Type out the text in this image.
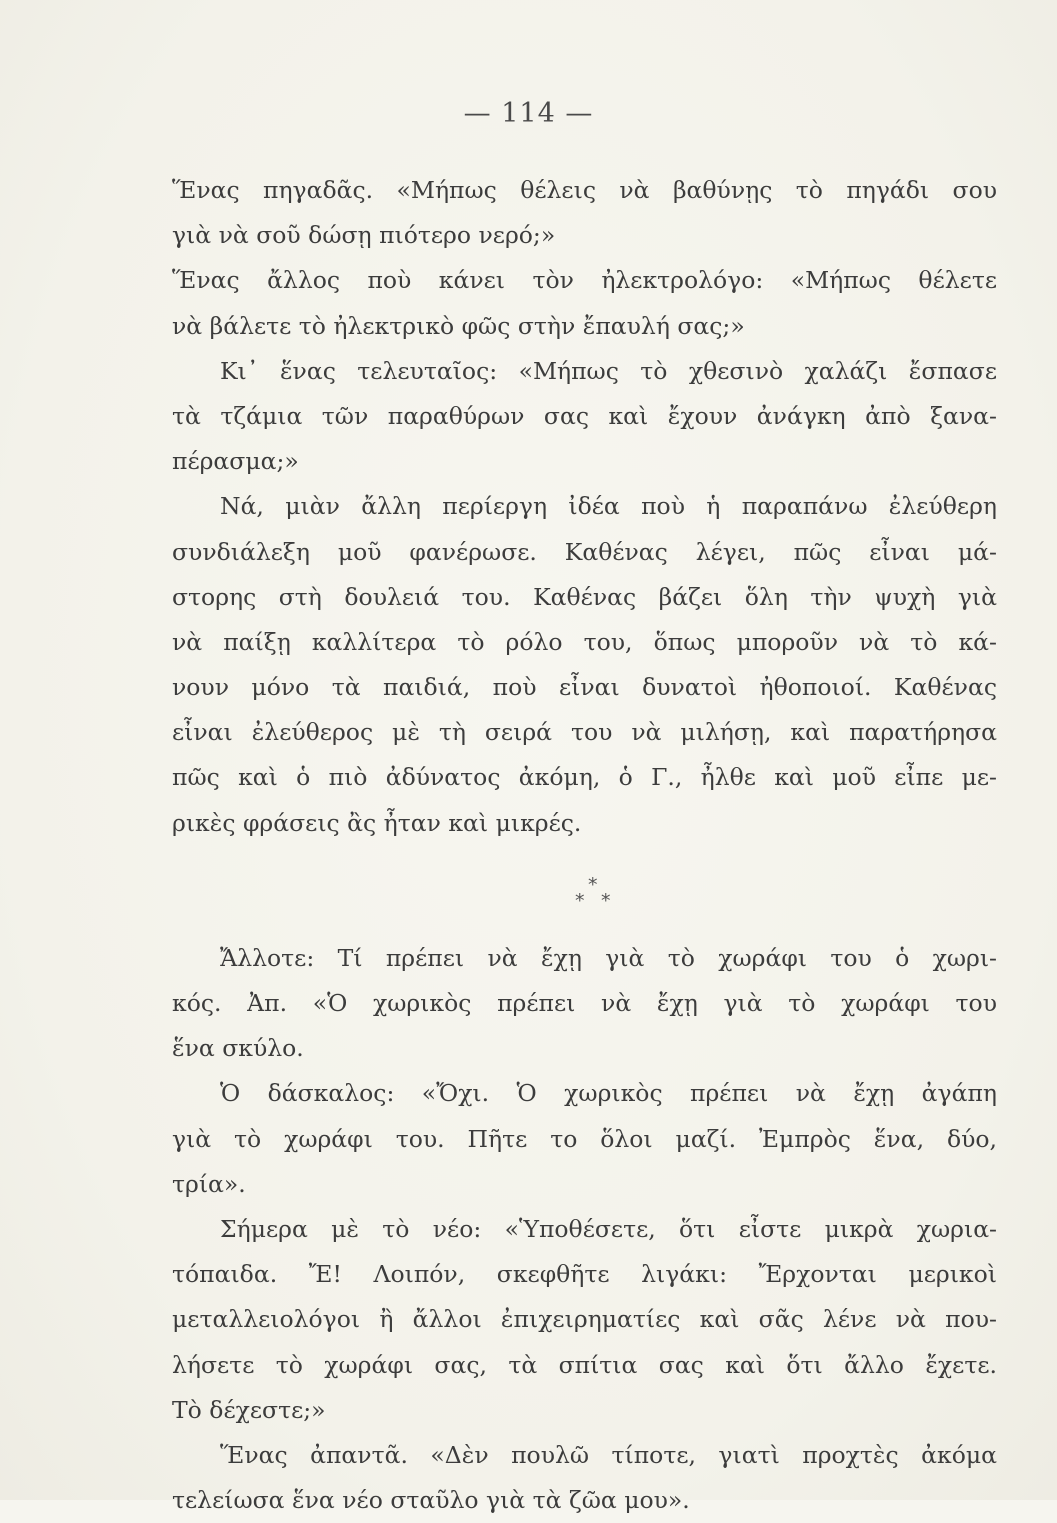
— 114 —
Ἕνας πηγαδᾶς. «Μήπως θέλεις νὰ βαθύνῃς τὸ πηγάδι σου
γιὰ νὰ σοῦ δώσῃ πιότερο νερό;»
Ἕνας ἄλλος ποὺ κάνει τὸν ἠλεκτρολόγο: «Μήπως θέλετε
νὰ βάλετε τὸ ἠλεκτρικὸ φῶς στὴν ἔπαυλή σας;»
Κι᾽ ἕνας τελευταῖος: «Μήπως τὸ χθεσινὸ χαλάζι ἔσπασε
τὰ τζάμια τῶν παραθύρων σας καὶ ἔχουν ἀνάγκη ἀπὸ ξανα-
πέρασμα;»
Νά, μιὰν ἄλλη περίεργη ἰδέα ποὺ ἡ παραπάνω ἐλεύθερη
συνδιάλεξη μοῦ φανέρωσε. Καθένας λέγει, πῶς εἶναι μά-
στορης στὴ δουλειά του. Καθένας βάζει ὅλη τὴν ψυχὴ γιὰ
νὰ παίξῃ καλλίτερα τὸ ρόλο του, ὅπως μποροῦν νὰ τὸ κά-
νουν μόνο τὰ παιδιά, ποὺ εἶναι δυνατοὶ ἠθοποιοί. Καθένας
εἶναι ἐλεύθερος μὲ τὴ σειρά του νὰ μιλήσῃ, καὶ παρατήρησα
πῶς καὶ ὁ πιὸ ἀδύνατος ἀκόμη, ὁ Γ., ἦλθε καὶ μοῦ εἶπε με-
ρικὲς φράσεις ἂς ἦταν καὶ μικρές.
*
* *
Ἄλλοτε: Τί πρέπει νὰ ἔχῃ γιὰ τὸ χωράφι του ὁ χωρι-
κός. Ἀπ. «Ὁ χωρικὸς πρέπει νὰ ἔχῃ γιὰ τὸ χωράφι του
ἕνα σκύλο.
Ὁ δάσκαλος: «Ὄχι. Ὁ χωρικὸς πρέπει νὰ ἔχῃ ἀγάπη
γιὰ τὸ χωράφι του. Πῆτε το ὅλοι μαζί. Ἐμπρὸς ἕνα, δύο,
τρία».
Σήμερα μὲ τὸ νέο: «Ὑποθέσετε, ὅτι εἶστε μικρὰ χωρια-
τόπαιδα. Ἔ! Λοιπόν, σκεφθῆτε λιγάκι: Ἔρχονται μερικοὶ
μεταλλειολόγοι ἢ ἄλλοι ἐπιχειρηματίες καὶ σᾶς λένε νὰ που-
λήσετε τὸ χωράφι σας, τὰ σπίτια σας καὶ ὅτι ἄλλο ἔχετε.
Τὸ δέχεστε;»
Ἕνας ἀπαντᾶ. «Δὲν πουλῶ τίποτε, γιατὶ προχτὲς ἀκόμα
τελείωσα ἕνα νέο σταῦλο γιὰ τὰ ζῶα μου».
